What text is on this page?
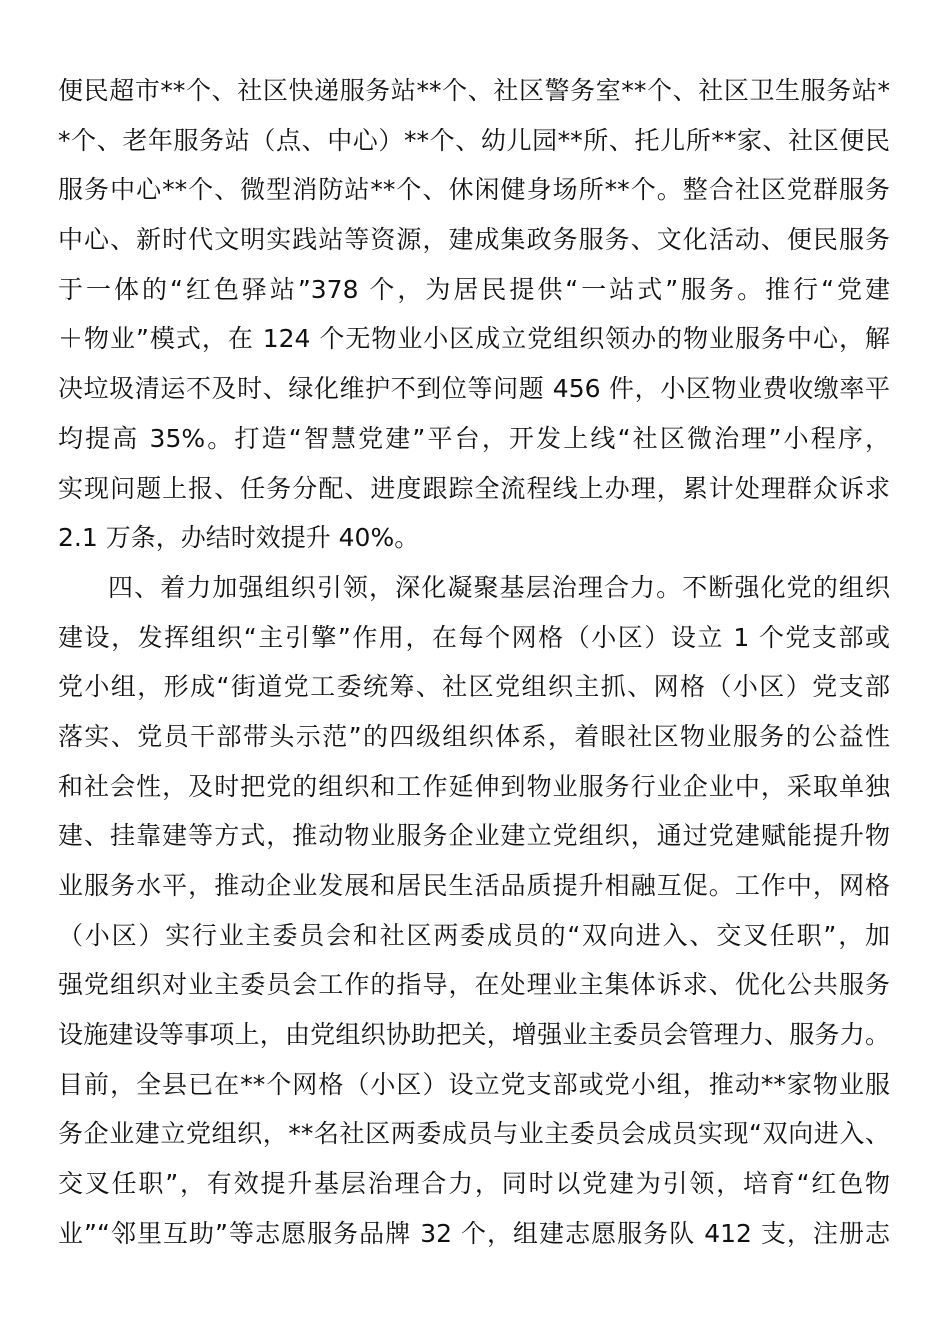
便民超市**个、社区快递服务站**个、社区警务室**个、社区卫生服务站*
*个、老年服务站（点、中心）**个、幼儿园**所、托儿所**家、社区便民
服务中心**个、微型消防站**个、休闲健身场所**个。整合社区党群服务
中心、新时代文明实践站等资源，建成集政务服务、文化活动、便民服务
于一体的“红色驿站”378 个，为居民提供“一站式”服务。推行“党建
＋物业”模式，在 124 个无物业小区成立党组织领办的物业服务中心，解
决垃圾清运不及时、绿化维护不到位等问题 456 件，小区物业费收缴率平
均提高 35%。打造“智慧党建”平台，开发上线“社区微治理”小程序，
实现问题上报、任务分配、进度跟踪全流程线上办理，累计处理群众诉求
2.1 万条，办结时效提升 40%。
四、着力加强组织引领，深化凝聚基层治理合力。不断强化党的组织
建设，发挥组织“主引擎”作用，在每个网格（小区）设立 1 个党支部或
党小组，形成“街道党工委统筹、社区党组织主抓、网格（小区）党支部
落实、党员干部带头示范”的四级组织体系，着眼社区物业服务的公益性
和社会性，及时把党的组织和工作延伸到物业服务行业企业中，采取单独
建、挂靠建等方式，推动物业服务企业建立党组织，通过党建赋能提升物
业服务水平，推动企业发展和居民生活品质提升相融互促。工作中，网格
（小区）实行业主委员会和社区两委成员的“双向进入、交叉任职”，加
强党组织对业主委员会工作的指导，在处理业主集体诉求、优化公共服务
设施建设等事项上，由党组织协助把关，增强业主委员会管理力、服务力。
目前，全县已在**个网格（小区）设立党支部或党小组，推动**家物业服
务企业建立党组织，**名社区两委成员与业主委员会成员实现“双向进入、
交叉任职”，有效提升基层治理合力，同时以党建为引领，培育“红色物
业”“邻里互助”等志愿服务品牌 32 个，组建志愿服务队 412 支，注册志
